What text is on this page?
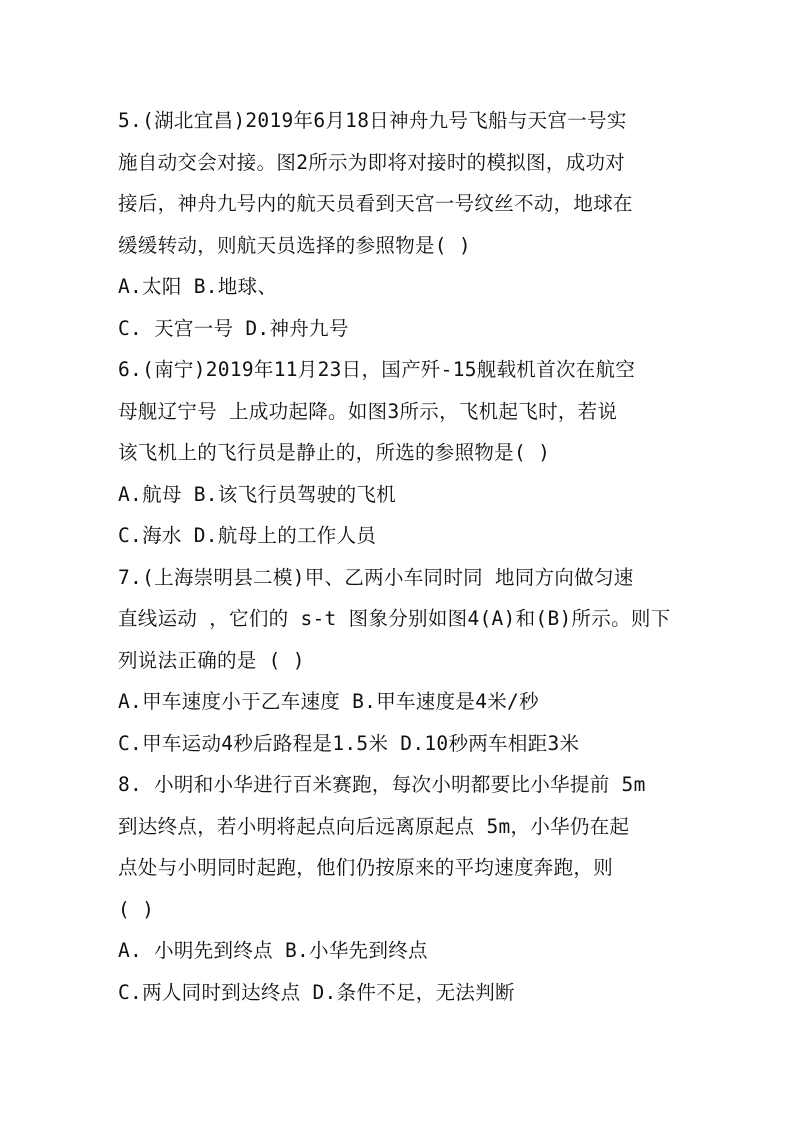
5.(湖北宜昌)2019年6月18日神舟九号飞船与天宫一号实
施自动交会对接。图2所示为即将对接时的模拟图，成功对
接后，神舟九号内的航天员看到天宫一号纹丝不动，地球在
缓缓转动，则航天员选择的参照物是( )
A.太阳 B.地球、
C. 天宫一号 D.神舟九号
6.(南宁)2019年11月23日，国产歼-15舰载机首次在航空
母舰辽宁号 上成功起降。如图3所示，飞机起飞时，若说
该飞机上的飞行员是静止的，所选的参照物是( )
A.航母 B.该飞行员驾驶的飞机
C.海水 D.航母上的工作人员
7.(上海崇明县二模)甲、乙两小车同时同 地同方向做匀速
直线运动 ，它们的 s-t 图象分别如图4(A)和(B)所示。则下
列说法正确的是 ( )
A.甲车速度小于乙车速度 B.甲车速度是4米/秒
C.甲车运动4秒后路程是1.5米 D.10秒两车相距3米
8. 小明和小华进行百米赛跑，每次小明都要比小华提前 5m
到达终点，若小明将起点向后远离原起点 5m，小华仍在起
点处与小明同时起跑，他们仍按原来的平均速度奔跑，则
( )
A. 小明先到终点 B.小华先到终点
C.两人同时到达终点 D.条件不足，无法判断
